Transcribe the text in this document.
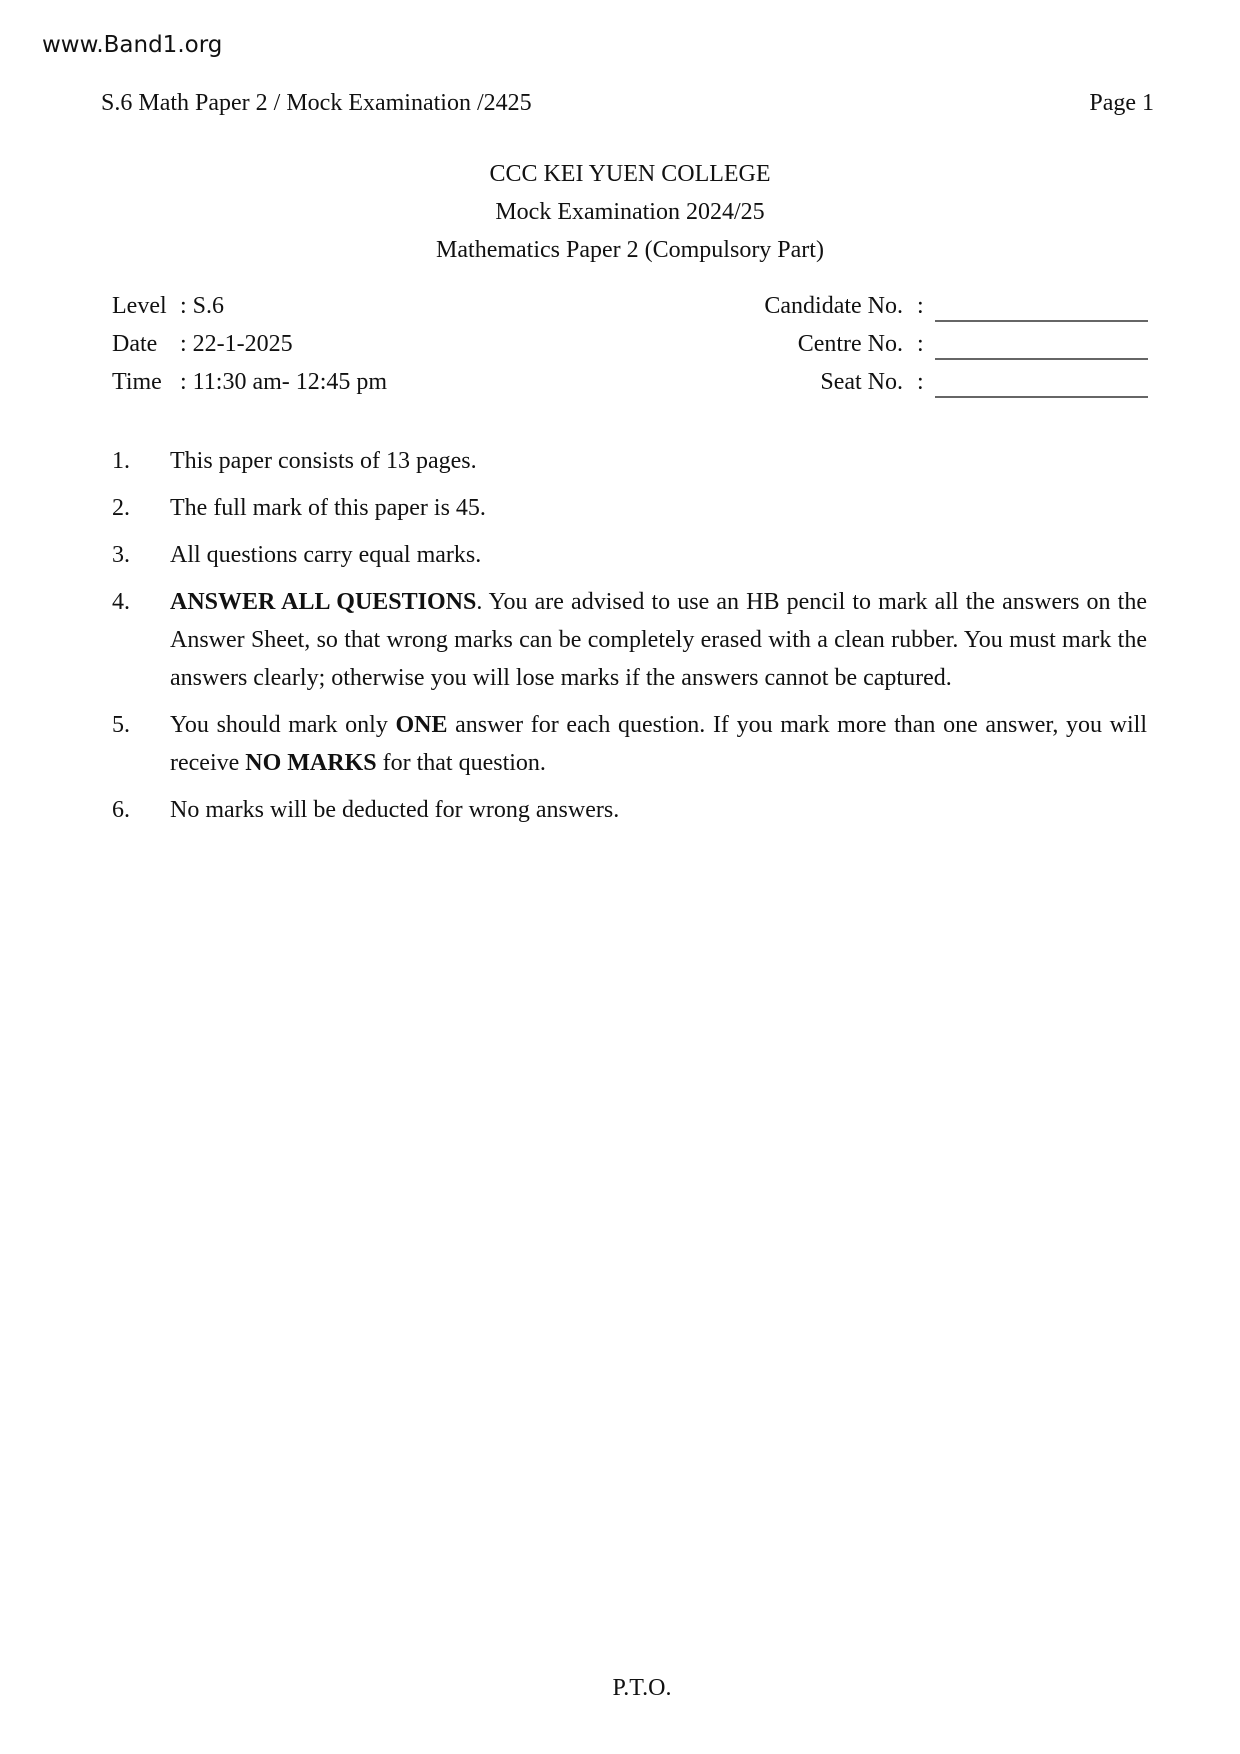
www.Band1.org
S.6 Math Paper 2 / Mock Examination /2425	Page 1
CCC KEI YUEN COLLEGE
Mock Examination 2024/25
Mathematics Paper 2 (Compulsory Part)
Level : S.6
Date : 22-1-2025
Time : 11:30 am- 12:45 pm
Candidate No. :
Centre No. :
Seat No. :
1. This paper consists of 13 pages.
2. The full mark of this paper is 45.
3. All questions carry equal marks.
4. ANSWER ALL QUESTIONS. You are advised to use an HB pencil to mark all the answers on the Answer Sheet, so that wrong marks can be completely erased with a clean rubber. You must mark the answers clearly; otherwise you will lose marks if the answers cannot be captured.
5. You should mark only ONE answer for each question. If you mark more than one answer, you will receive NO MARKS for that question.
6. No marks will be deducted for wrong answers.
P.T.O.
